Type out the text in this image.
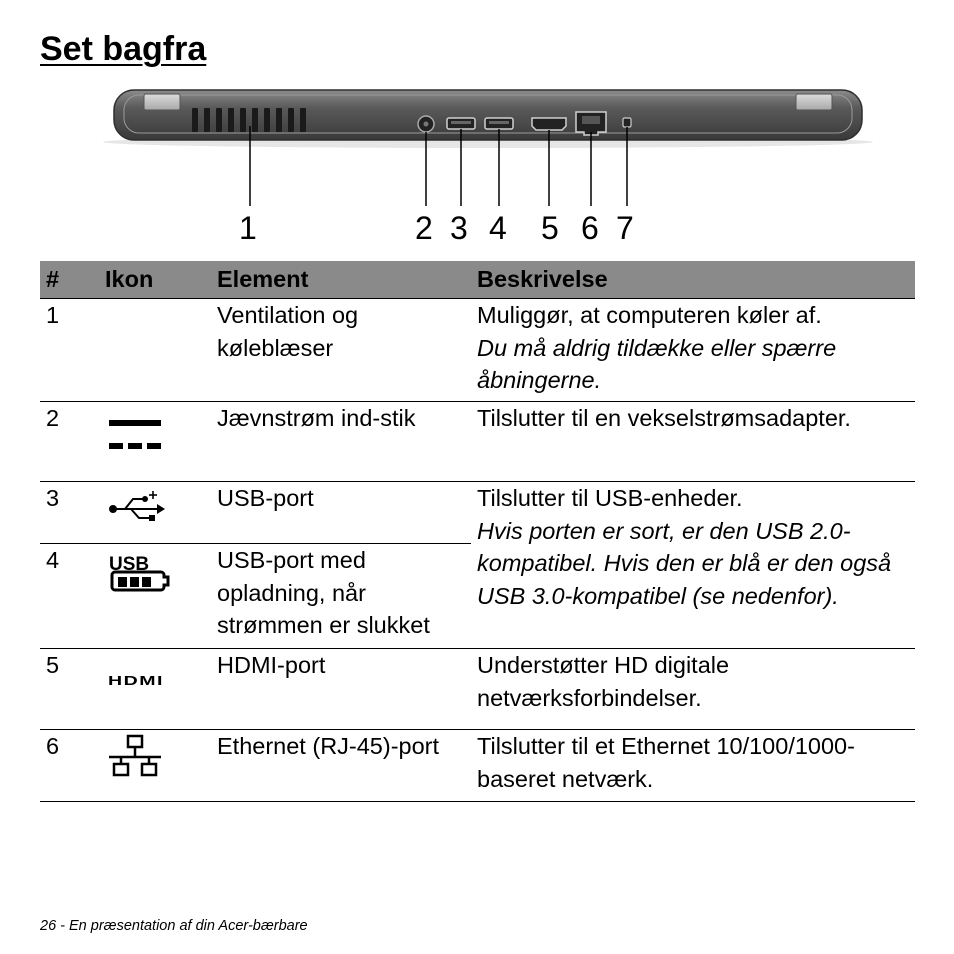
Set bagfra
1	2 3 4 5 6 7
#	Ikon	Element	Beskrivelse
1		Ventilation og køleblæser	Muliggør, at computeren køler af.
Du må aldrig tildække eller spærre åbningerne.

2		Jævnstrøm ind-stik	Tilslutter til en vekselstrømsadapter.
3		USB-port	Tilslutter til USB-enheder.
Hvis porten er sort, er den USB 2.0-kompatibel. Hvis den er blå er den også USB 3.0-kompatibel (se nedenfor).

4	USB	USB-port med opladning, når strømmen er slukket	
5	HDMI	HDMI-port	Understøtter HD digitale netværksforbindelser.
6		Ethernet (RJ-45)-port	Tilslutter til et Ethernet 10/100/1000-baseret netværk.
26 - En præsentation af din Acer-bærbare
